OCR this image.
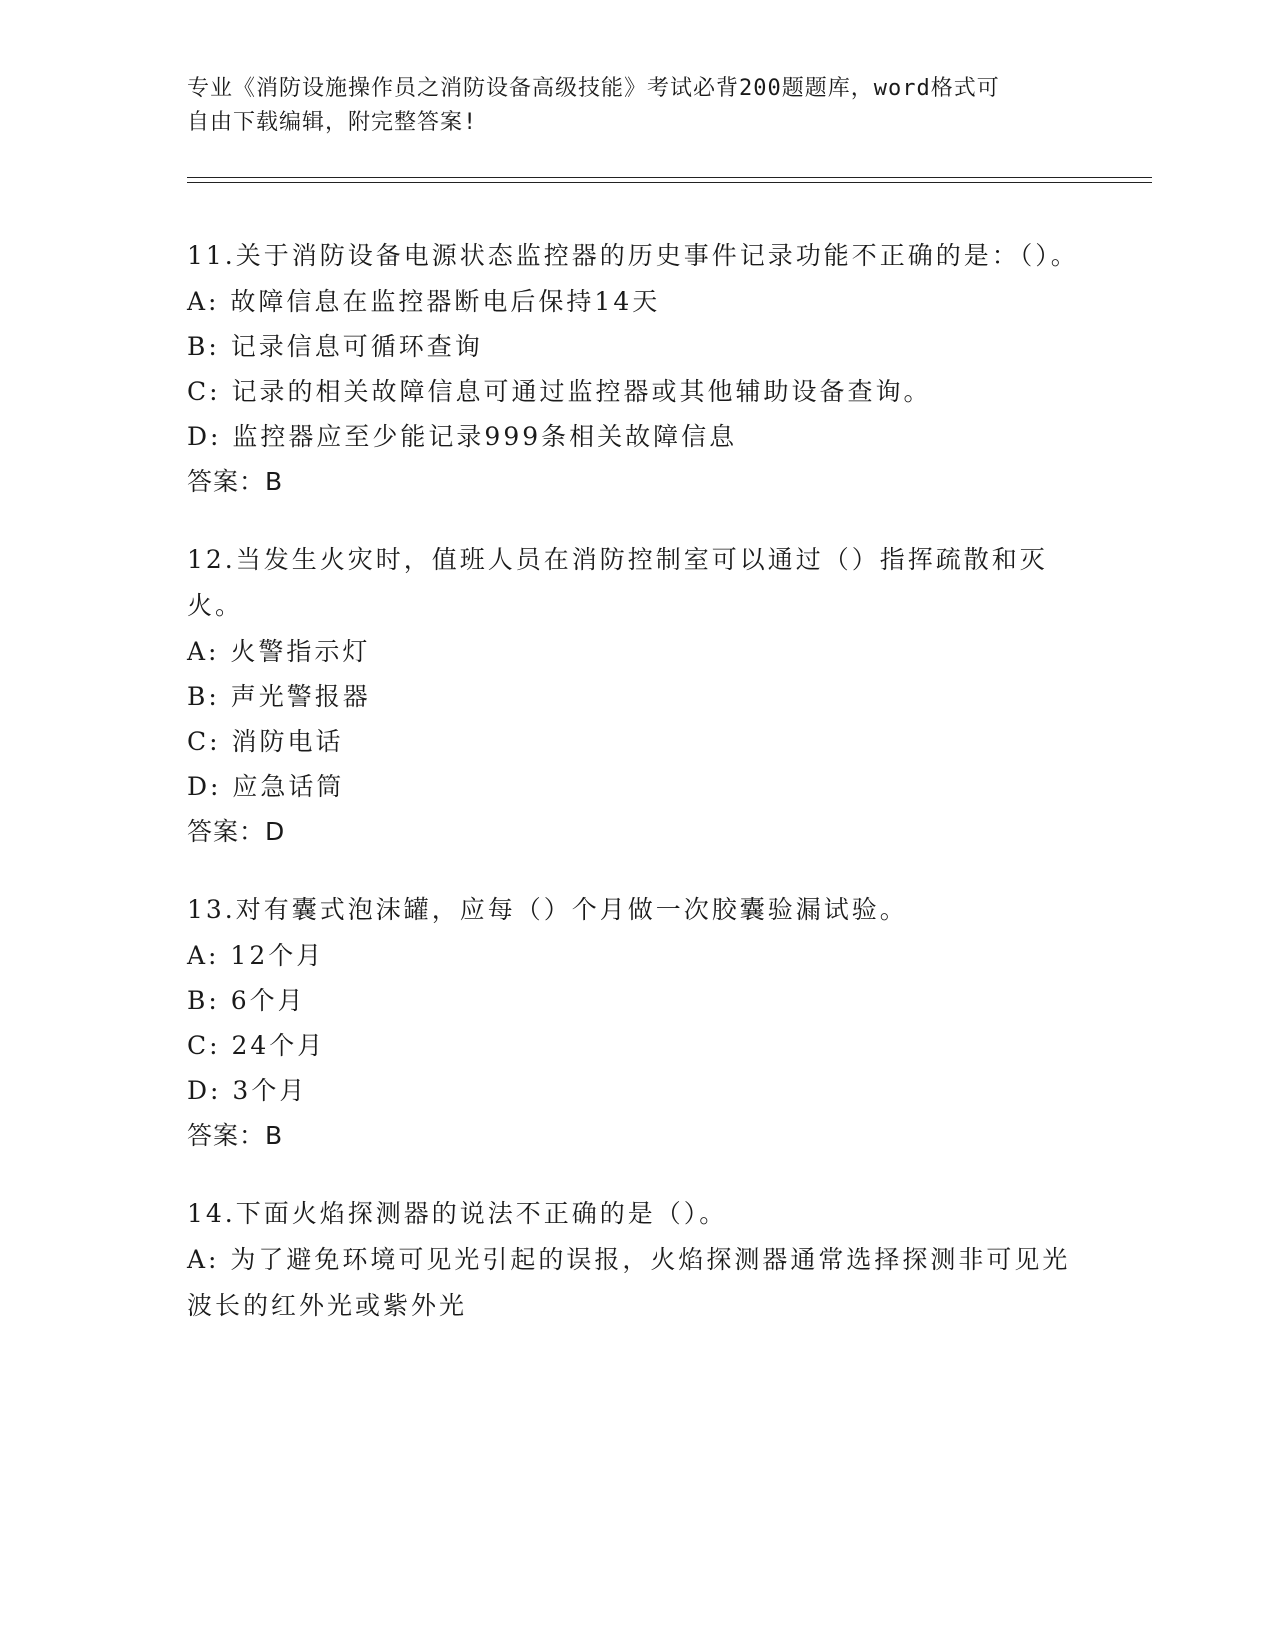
专业《消防设施操作员之消防设备高级技能》考试必背200题题库，word格式可

自由下载编辑，附完整答案!

11.关于消防设备电源状态监控器的历史事件记录功能不正确的是：（）。

A: 故障信息在监控器断电后保持14天

B: 记录信息可循环查询

C: 记录的相关故障信息可通过监控器或其他辅助设备查询。

D: 监控器应至少能记录999条相关故障信息

答案：B

12.当发生火灾时，值班人员在消防控制室可以通过（）指挥疏散和灭火。

A: 火警指示灯

B: 声光警报器

C: 消防电话

D: 应急话筒

答案：D

13.对有囊式泡沫罐，应每（）个月做一次胶囊验漏试验。

A: 12个月

B: 6个月

C: 24个月

D: 3个月

答案：B

14.下面火焰探测器的说法不正确的是（）。

A: 为了避免环境可见光引起的误报，火焰探测器通常选择探测非可见光波长的红外光或紫外光
